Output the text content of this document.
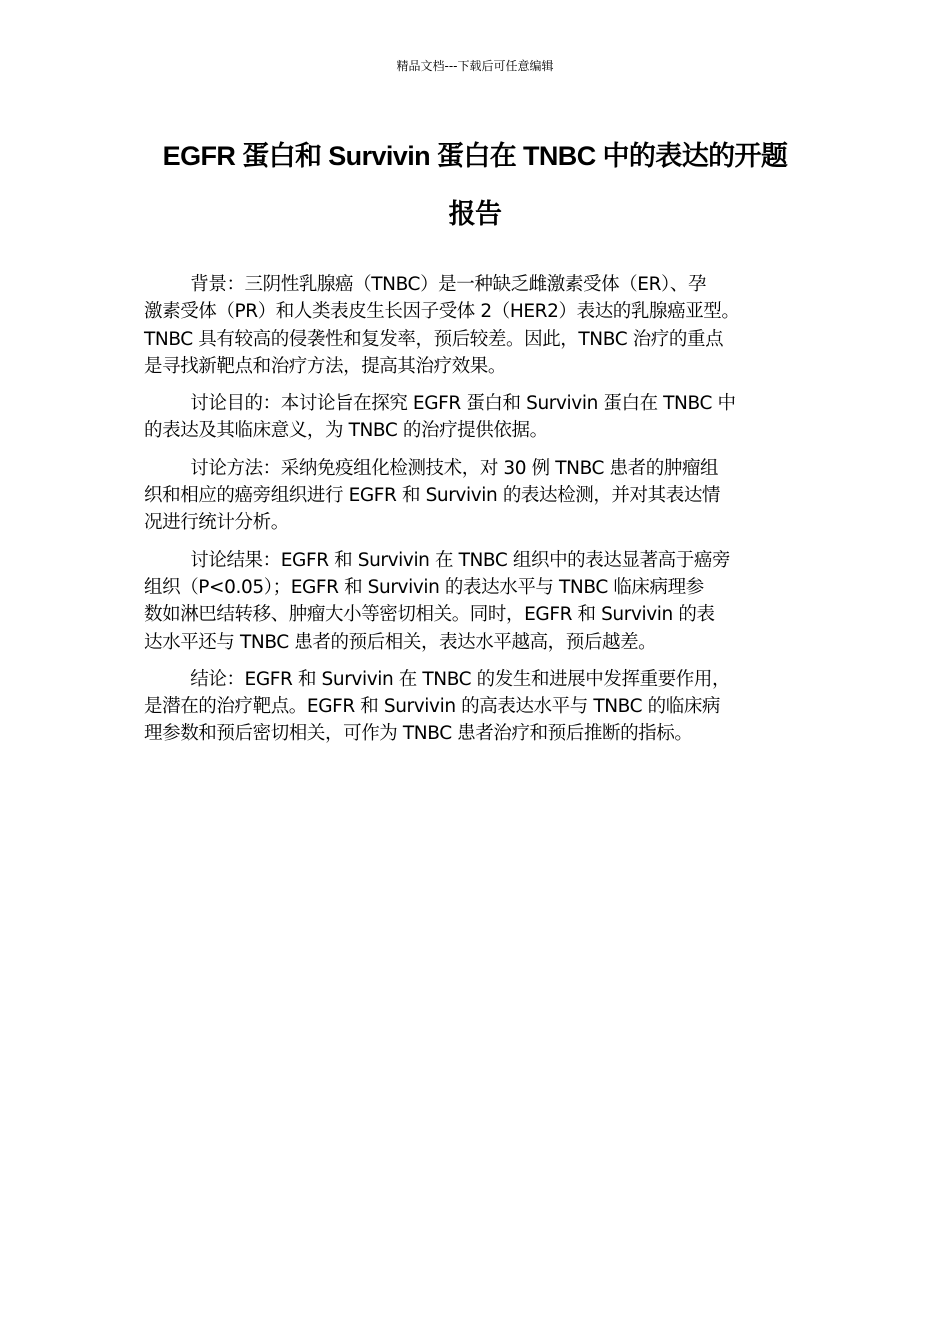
精品文档---下载后可任意编辑
EGFR 蛋白和 Survivin 蛋白在 TNBC 中的表达的开题
报告

背景：三阴性乳腺癌（TNBC）是一种缺乏雌激素受体（ER）、孕
激素受体（PR）和人类表皮生长因子受体 2（HER2）表达的乳腺癌亚型。
TNBC 具有较高的侵袭性和复发率，预后较差。因此，TNBC 治疗的重点
是寻找新靶点和治疗方法，提高其治疗效果。

讨论目的：本讨论旨在探究 EGFR 蛋白和 Survivin 蛋白在 TNBC 中
的表达及其临床意义，为 TNBC 的治疗提供依据。

讨论方法：采纳免疫组化检测技术，对 30 例 TNBC 患者的肿瘤组
织和相应的癌旁组织进行 EGFR 和 Survivin 的表达检测，并对其表达情
况进行统计分析。

讨论结果：EGFR 和 Survivin 在 TNBC 组织中的表达显著高于癌旁
组织（P<0.05）；EGFR 和 Survivin 的表达水平与 TNBC 临床病理参
数如淋巴结转移、肿瘤大小等密切相关。同时，EGFR 和 Survivin 的表
达水平还与 TNBC 患者的预后相关，表达水平越高，预后越差。

结论：EGFR 和 Survivin 在 TNBC 的发生和进展中发挥重要作用，
是潜在的治疗靶点。EGFR 和 Survivin 的高表达水平与 TNBC 的临床病
理参数和预后密切相关，可作为 TNBC 患者治疗和预后推断的指标。
